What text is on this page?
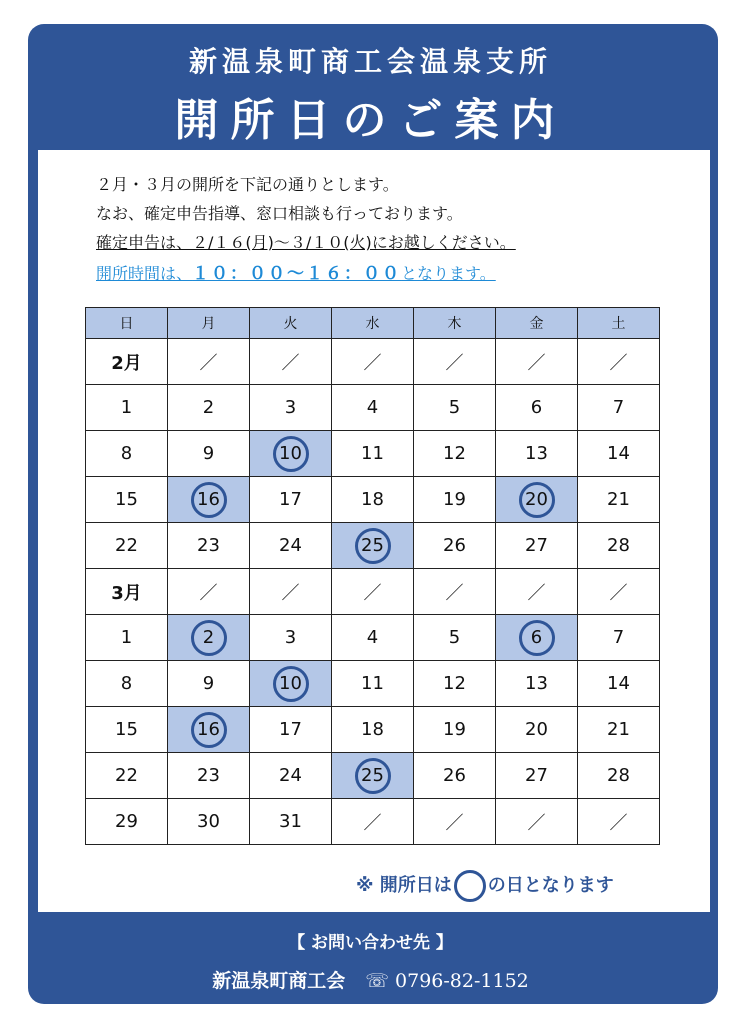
新温泉町商工会温泉支所
開所日のご案内
２月・３月の開所を下記の通りとします。
なお、確定申告指導、窓口相談も行っております。
確定申告は、２/１６(月)～３/１０(火)にお越しください。
開所時間は、１０：００～１６：００となります。
日	月	火	水	木	金	土
2月	／	／	／	／	／	／
1	2	3	4	5	6	7
8	9	10	11	12	13	14
15	16	17	18	19	20	21
22	23	24	25	26	27	28
3月	／	／	／	／	／	／
1	2	3	4	5	6	7
8	9	10	11	12	13	14
15	16	17	18	19	20	21
22	23	24	25	26	27	28
29	30	31	／	／	／	／
※ 開所日は の日となります
【 お問い合わせ先 】
新温泉町商工会 ☏ 0796-82-1152
